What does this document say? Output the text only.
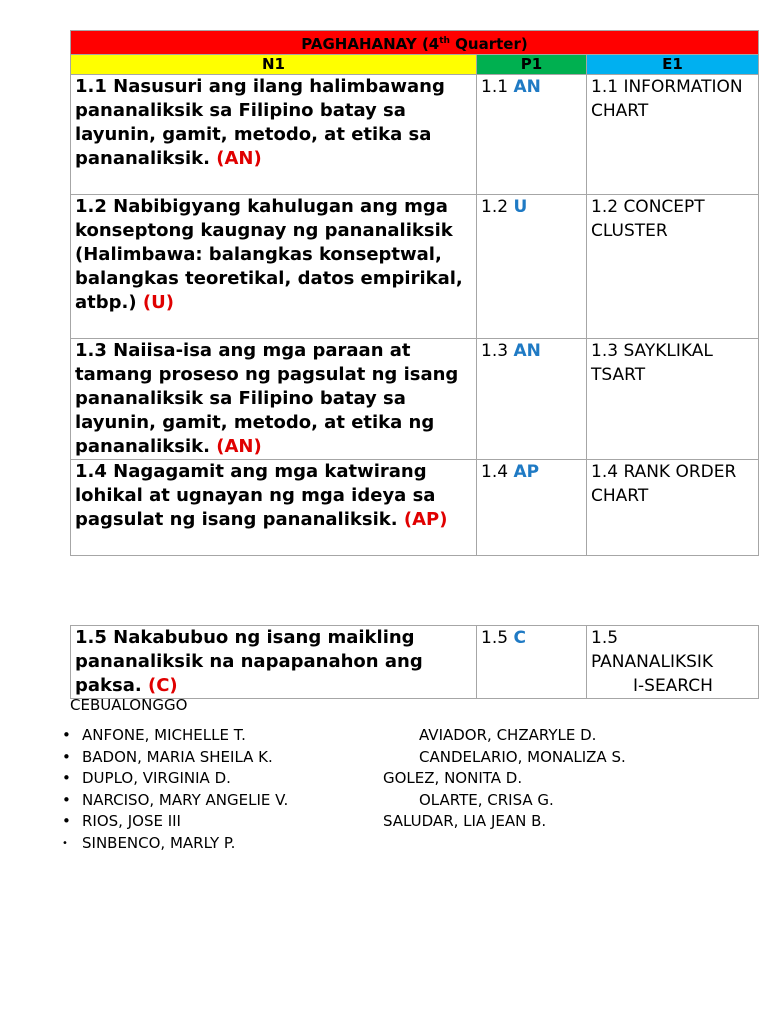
PAGHAHANAY (4th Quarter)		
N1	P1	E1
1.1 Nasusuri ang ilang halimbawang pananaliksik sa Filipino batay sa layunin, gamit, metodo, at etika sa pananaliksik. (AN)	1.1 AN	1.1 INFORMATION CHART
1.2 Nabibigyang kahulugan ang mga konseptong kaugnay ng pananaliksik (Halimbawa: balangkas konseptwal, balangkas teoretikal, datos empirikal, atbp.) (U)	1.2 U	1.2 CONCEPT CLUSTER
1.3 Naiisa-isa ang mga paraan at tamang proseso ng pagsulat ng isang pananaliksik sa Filipino batay sa layunin, gamit, metodo, at etika ng pananaliksik. (AN)	1.3 AN	1.3 SAYKLIKAL TSART
1.4 Nagagamit ang mga katwirang lohikal at ugnayan ng mga ideya sa pagsulat ng isang pananaliksik. (AP)	1.4 AP	1.4 RANK ORDER CHART
1.5 Nakabubuo ng isang maikling pananaliksik na napapanahon ang paksa. (C)	1.5 C	1.5
PANANALIKSIK
I-SEARCH
CEBUALONGGO
• ANFONE, MICHELLE T.	AVIADOR, CHZARYLE D.
• BADON, MARIA SHEILA K.	CANDELARIO, MONALIZA S.
• DUPLO, VIRGINIA D.	GOLEZ, NONITA D.
• NARCISO, MARY ANGELIE V.	OLARTE, CRISA G.
• RIOS, JOSE III	SALUDAR, LIA JEAN B.
• SINBENCO, MARLY P.
